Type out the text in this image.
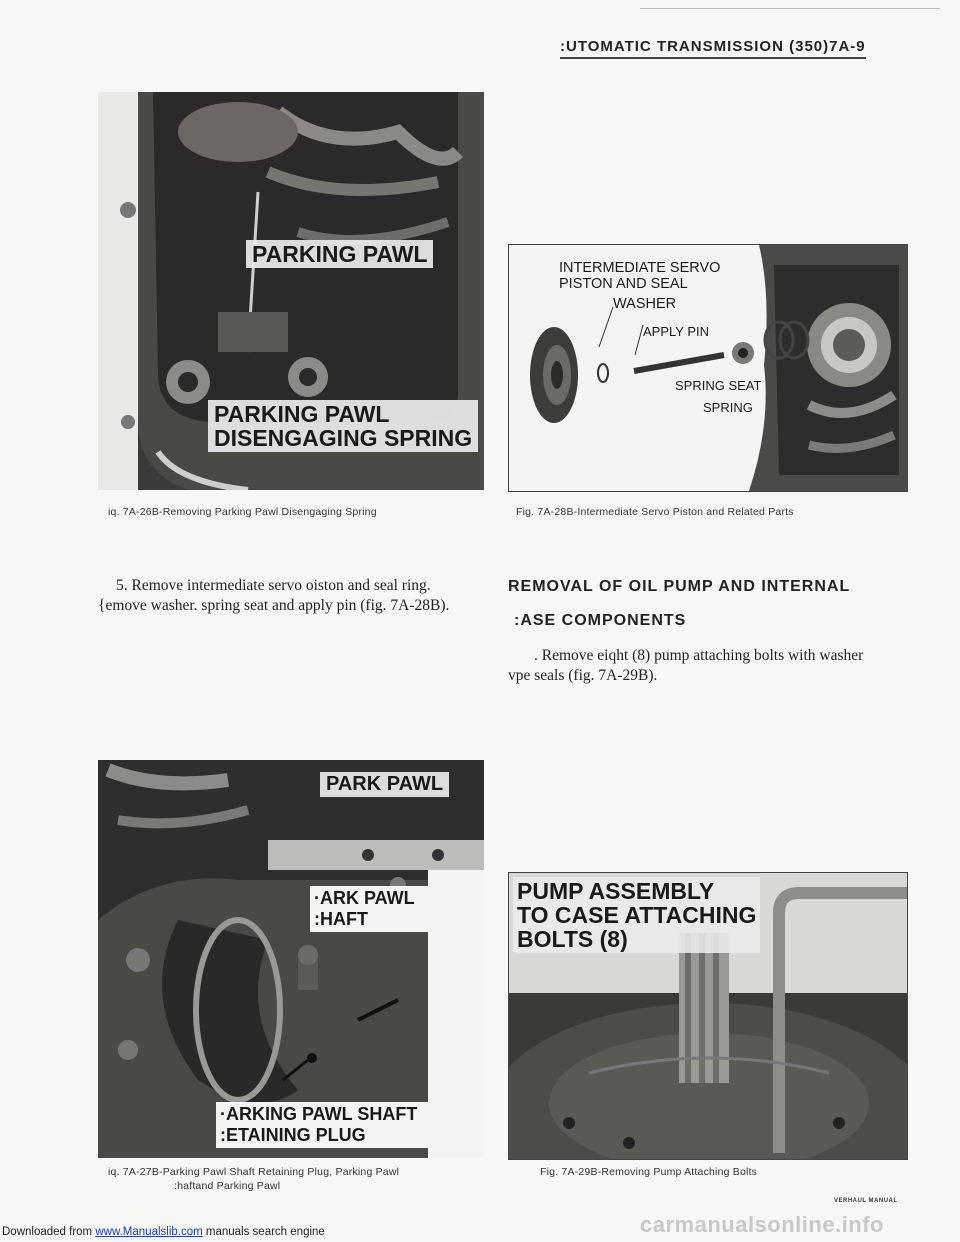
:UTOMATIC TRANSMISSION (350)7A-9
PARKING PAWL
PARKING PAWL
DISENGAGING SPRING
iq. 7A-26B-Removing Parking Pawl Disengaging Spring
INTERMEDIATE SERVO
PISTON AND SEAL
WASHER
APPLY PIN
SPRING SEAT
SPRING
Fig. 7A-28B-Intermediate Servo Piston and Related Parts
5. Remove intermediate servo oiston and seal ring.
{emove washer. spring seat and apply pin (fig. 7A-28B).
REMOVAL OF OIL PUMP AND INTERNAL
:ASE COMPONENTS
. Remove eiqht (8) pump attaching bolts with washer
vpe seals (fig. 7A-29B).
PARK PAWL
·ARK PAWL
:HAFT
·ARKING PAWL SHAFT
:ETAINING PLUG
iq. 7A-27B-Parking Pawl Shaft Retaining Plug, Parking Pawl
:haftand Parking Pawl
PUMP ASSEMBLY
TO CASE ATTACHING
BOLTS (8)
Fig. 7A-29B-Removing Pump Attaching Bolts
VERHAUL MANUAL
carmanualsonline.info
Downloaded from www.Manualslib.com manuals search engine
